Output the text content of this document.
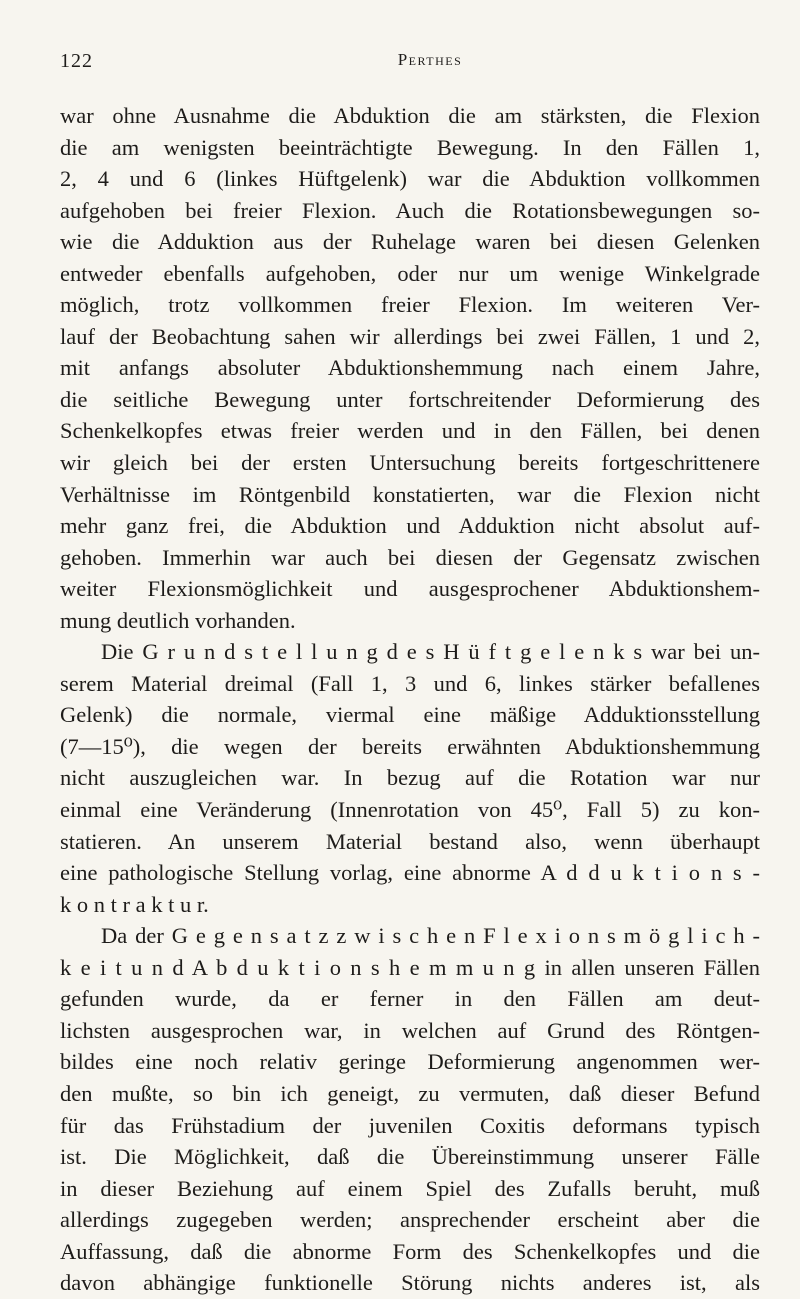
122	Perthes
war ohne Ausnahme die Abduktion die am stärksten, die Flexion
die am wenigsten beeinträchtigte Bewegung. In den Fällen 1,
2, 4 und 6 (linkes Hüftgelenk) war die Abduktion vollkommen
aufgehoben bei freier Flexion. Auch die Rotationsbewegungen so-
wie die Adduktion aus der Ruhelage waren bei diesen Gelenken
entweder ebenfalls aufgehoben, oder nur um wenige Winkelgrade
möglich, trotz vollkommen freier Flexion. Im weiteren Ver-
lauf der Beobachtung sahen wir allerdings bei zwei Fällen, 1 und 2,
mit anfangs absoluter Abduktionshemmung nach einem Jahre,
die seitliche Bewegung unter fortschreitender Deformierung des
Schenkelkopfes etwas freier werden und in den Fällen, bei denen
wir gleich bei der ersten Untersuchung bereits fortgeschrittenere
Verhältnisse im Röntgenbild konstatierten, war die Flexion nicht
mehr ganz frei, die Abduktion und Adduktion nicht absolut auf-
gehoben. Immerhin war auch bei diesen der Gegensatz zwischen
weiter Flexionsmöglichkeit und ausgesprochener Abduktionshem-
mung deutlich vorhanden.
Die G r u n d s t e l l u n g d e s H ü f t g e l e n k s war bei un-
serem Material dreimal (Fall 1, 3 und 6, linkes stärker befallenes
Gelenk) die normale, viermal eine mäßige Adduktionsstellung
(7—15⁰), die wegen der bereits erwähnten Abduktionshemmung
nicht auszugleichen war. In bezug auf die Rotation war nur
einmal eine Veränderung (Innenrotation von 45⁰, Fall 5) zu kon-
statieren. An unserem Material bestand also, wenn überhaupt
eine pathologische Stellung vorlag, eine abnorme A d d u k t i o n s -
k o n t r a k t u r.
Da der G e g e n s a t z z w i s c h e n F l e x i o n s m ö g l i c h -
k e i t u n d A b d u k t i o n s h e m m u n g in allen unseren Fällen
gefunden wurde, da er ferner in den Fällen am deut-
lichsten ausgesprochen war, in welchen auf Grund des Röntgen-
bildes eine noch relativ geringe Deformierung angenommen wer-
den mußte, so bin ich geneigt, zu vermuten, daß dieser Befund
für das Frühstadium der juvenilen Coxitis deformans typisch
ist. Die Möglichkeit, daß die Übereinstimmung unserer Fälle
in dieser Beziehung auf einem Spiel des Zufalls beruht, muß
allerdings zugegeben werden; ansprechender erscheint aber die
Auffassung, daß die abnorme Form des Schenkelkopfes und die
davon abhängige funktionelle Störung nichts anderes ist, als
